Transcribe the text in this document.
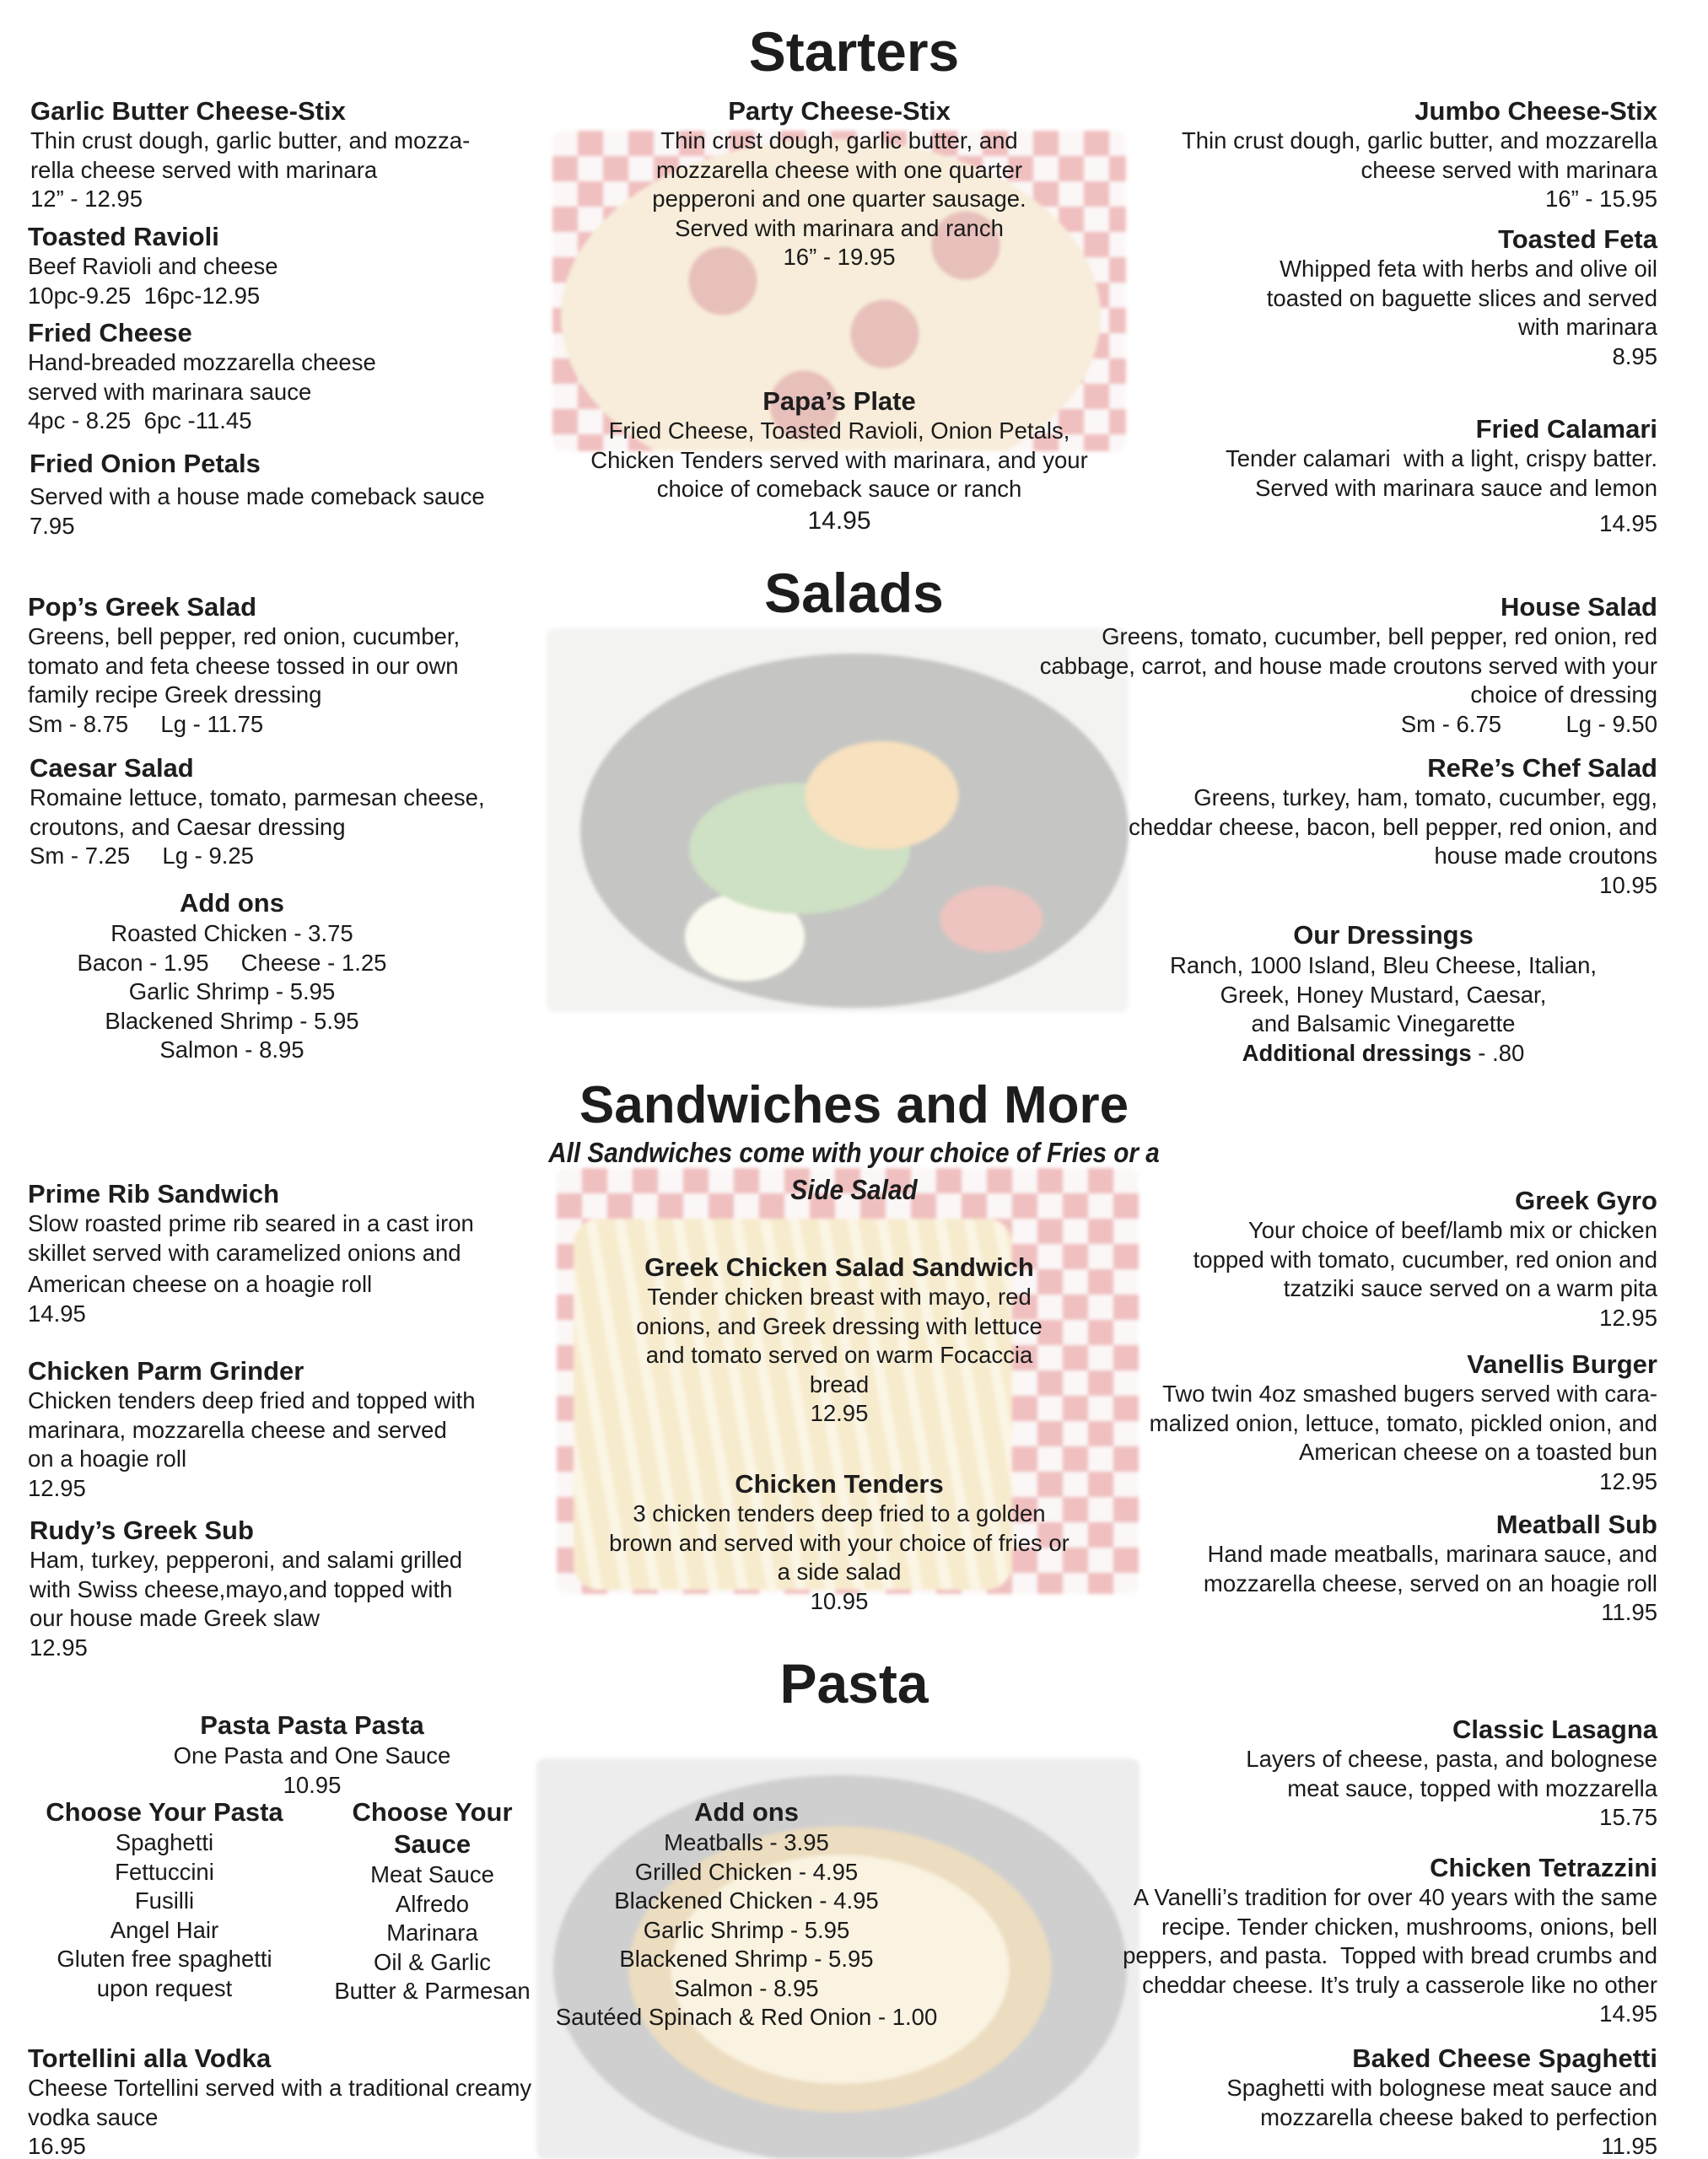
Starters
Garlic Butter Cheese-Stix
Thin crust dough, garlic butter, and mozza-
rella cheese served with marinara
12” - 12.95
Toasted Ravioli
Beef Ravioli and cheese
10pc-9.25  16pc-12.95
Fried Cheese
Hand-breaded mozzarella cheese
served with marinara sauce
4pc - 8.25  6pc -11.45
Fried Onion Petals
Served with a house made comeback sauce
7.95
Party Cheese-Stix
Thin crust dough, garlic butter, and
mozzarella cheese with one quarter
pepperoni and one quarter sausage.
Served with marinara and ranch
16” - 19.95
Papa’s Plate
Fried Cheese, Toasted Ravioli, Onion Petals,
Chicken Tenders served with marinara, and your
choice of comeback sauce or ranch
14.95
Jumbo Cheese-Stix
Thin crust dough, garlic butter, and mozzarella
cheese served with marinara
16” - 15.95
Toasted Feta
Whipped feta with herbs and olive oil
toasted on baguette slices and served
with marinara
8.95
Fried Calamari
Tender calamari  with a light, crispy batter.
Served with marinara sauce and lemon
14.95
Salads
Pop’s Greek Salad
Greens, bell pepper, red onion, cucumber,
tomato and feta cheese tossed in our own
family recipe Greek dressing
Sm - 8.75     Lg - 11.75
Caesar Salad
Romaine lettuce, tomato, parmesan cheese,
croutons, and Caesar dressing
Sm - 7.25     Lg - 9.25
Add ons
Roasted Chicken - 3.75
Bacon - 1.95     Cheese - 1.25
Garlic Shrimp - 5.95
Blackened Shrimp - 5.95
Salmon - 8.95
House Salad
Greens, tomato, cucumber, bell pepper, red onion, red
cabbage, carrot, and house made croutons served with your
choice of dressing
Sm - 6.75          Lg - 9.50
ReRe’s Chef Salad
Greens, turkey, ham, tomato, cucumber, egg,
cheddar cheese, bacon, bell pepper, red onion, and
house made croutons
10.95
Our Dressings
Ranch, 1000 Island, Bleu Cheese, Italian,
Greek, Honey Mustard, Caesar,
and Balsamic Vinegarette
Additional dressings - .80
Sandwiches and More
All Sandwiches come with your choice of Fries or a
Side Salad
Prime Rib Sandwich
Slow roasted prime rib seared in a cast iron
skillet served with caramelized onions and
American cheese on a hoagie roll
14.95
Chicken Parm Grinder
Chicken tenders deep fried and topped with
marinara, mozzarella cheese and served
on a hoagie roll
12.95
Rudy’s Greek Sub
Ham, turkey, pepperoni, and salami grilled
with Swiss cheese,mayo,and topped with
our house made Greek slaw
12.95
Greek Chicken Salad Sandwich
Tender chicken breast with mayo, red
onions, and Greek dressing with lettuce
and tomato served on warm Focaccia
bread
12.95
Chicken Tenders
3 chicken tenders deep fried to a golden
brown and served with your choice of fries or
a side salad
10.95
Greek Gyro
Your choice of beef/lamb mix or chicken
topped with tomato, cucumber, red onion and
tzatziki sauce served on a warm pita
12.95
Vanellis Burger
Two twin 4oz smashed bugers served with cara-
malized onion, lettuce, tomato, pickled onion, and
American cheese on a toasted bun
12.95
Meatball Sub
Hand made meatballs, marinara sauce, and
mozzarella cheese, served on an hoagie roll
11.95
Pasta
Pasta Pasta Pasta
One Pasta and One Sauce
10.95
Choose Your Pasta
Spaghetti
Fettuccini
Fusilli
Angel Hair
Gluten free spaghetti
upon request
Choose Your
Sauce
Meat Sauce
Alfredo
Marinara
Oil & Garlic
Butter & Parmesan
Add ons
Meatballs - 3.95
Grilled Chicken - 4.95
Blackened Chicken - 4.95
Garlic Shrimp - 5.95
Blackened Shrimp - 5.95
Salmon - 8.95
Sautéed Spinach & Red Onion - 1.00
Tortellini alla Vodka
Cheese Tortellini served with a traditional creamy
vodka sauce
16.95
Classic Lasagna
Layers of cheese, pasta, and bolognese
meat sauce, topped with mozzarella
15.75
Chicken Tetrazzini
A Vanelli’s tradition for over 40 years with the same
recipe. Tender chicken, mushrooms, onions, bell
peppers, and pasta.  Topped with bread crumbs and
cheddar cheese. It’s truly a casserole like no other
14.95
Baked Cheese Spaghetti
Spaghetti with bolognese meat sauce and
mozzarella cheese baked to perfection
11.95
